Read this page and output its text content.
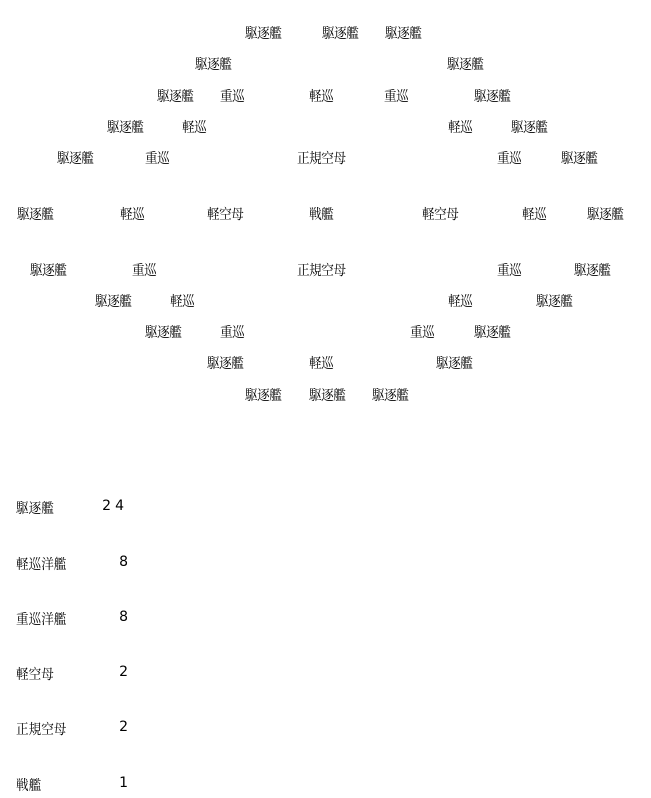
駆逐艦	駆逐艦 駆逐艦
駆逐艦	駆逐艦
駆逐艦 重巡	軽巡	重巡	駆逐艦
駆逐艦	軽巡	軽巡	駆逐艦
駆逐艦	重巡	正規空母	重巡	駆逐艦
駆逐艦	軽巡	軽空母	戦艦	軽空母	軽巡	駆逐艦
駆逐艦	重巡	正規空母	重巡	駆逐艦
駆逐艦	軽巡	軽巡	駆逐艦
駆逐艦	重巡	重巡	駆逐艦
駆逐艦	軽巡	駆逐艦
駆逐艦 駆逐艦 駆逐艦
駆逐艦	24
軽巡洋艦	8
重巡洋艦	8
軽空母	2
正規空母	2
戦艦	1
